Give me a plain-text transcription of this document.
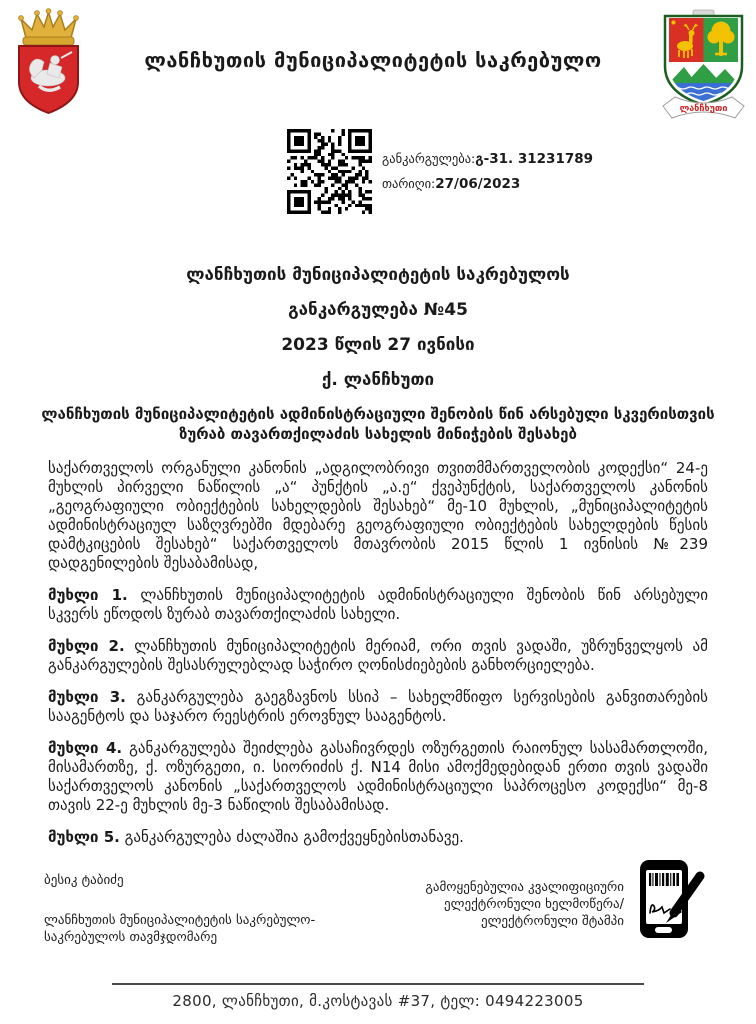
ლანჩხუთის მუნიციპალიტეტის საკრებულო
ლანჩხუთი
განკარგულება:გ-31. 31231789
თარიღი:27/06/2023

ლანჩხუთის მუნიციპალიტეტის საკრებულოს

განკარგულება №45

2023 წლის 27 ივნისი

ქ. ლანჩხუთი

ლანჩხუთის მუნიციპალიტეტის ადმინისტრაციული შენობის წინ არსებული სკვერისთვის ზურაბ თავართქილაძის სახელის მინიჭების შესახებ

საქართველოს ორგანული კანონის „ადგილობრივი თვითმმართველობის კოდექსი“ 24-ე მუხლის პირველი ნაწილის „ა“ პუნქტის „ა.ე“ ქვეპუნქტის, საქართველოს კანონის „გეოგრაფიული ობიექტების სახელდების შესახებ“ მე-10 მუხლის, „მუნიციპალიტეტის ადმინისტრაციულ საზღვრებში მდებარე გეოგრაფიული ობიექტების სახელდების წესის დამტკიცების შესახებ“ საქართველოს მთავრობის 2015 წლის 1 ივნისის №239 დადგენილების შესაბამისად,

მუხლი 1. ლანჩხუთის მუნიციპალიტეტის ადმინისტრაციული შენობის წინ არსებული სკვერს ეწოდოს ზურაბ თავართქილაძის სახელი.

მუხლი 2. ლანჩხუთის მუნიციპალიტეტის მერიამ, ორი თვის ვადაში, უზრუნველყოს ამ განკარგულების შესასრულებლად საჭირო ღონისძიებების განხორციელება.

მუხლი 3. განკარგულება გაეგზავნოს სსიპ – სახელმწიფო სერვისების განვითარების სააგენტოს და საჯარო რეესტრის ეროვნულ სააგენტოს.

მუხლი 4. განკარგულება შეიძლება გასაჩივრდეს ოზურგეთის რაიონულ სასამართლოში, მისამართზე, ქ. ოზურგეთი, ი. სიორიძის ქ. N14 მისი ამოქმედებიდან ერთი თვის ვადაში საქართველოს კანონის „საქართველოს ადმინისტრაციული საპროცესო კოდექსი“ მე-8 თავის 22-ე მუხლის მე-3 ნაწილის შესაბამისად.

მუხლი 5. განკარგულება ძალაშია გამოქვეყნებისთანავე.

ბესიკ ტაბიძე
ლანჩხუთის მუნიციპალიტეტის საკრებულო-
საკრებულოს თავმჯდომარე
გამოყენებულია კვალიფიციური
ელექტრონული ხელმოწერა/
ელექტრონული შტამპი
2800, ლანჩხუთი, მ.კოსტავას #37, ტელ: 0494223005
